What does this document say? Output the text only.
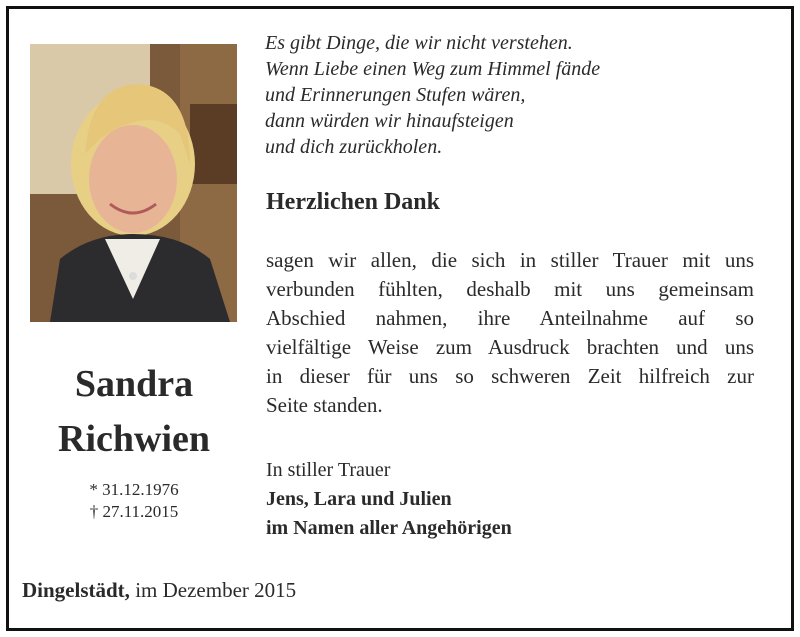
Sandra
Richwien
* 31.12.1976
† 27.11.2015
Es gibt Dinge, die wir nicht verstehen.
Wenn Liebe einen Weg zum Himmel fände
und Erinnerungen Stufen wären,
dann würden wir hinaufsteigen
und dich zurückholen.
Herzlichen Dank
sagen wir allen, die sich in stiller Trauer mit uns
verbunden fühlten, deshalb mit uns gemeinsam
Abschied nahmen, ihre Anteilnahme auf so
vielfältige Weise zum Ausdruck brachten und uns
in dieser für uns so schweren Zeit hilfreich zur
Seite standen.
In stiller Trauer
Jens, Lara und Julien
im Namen aller Angehörigen
Dingelstädt, im Dezember 2015
